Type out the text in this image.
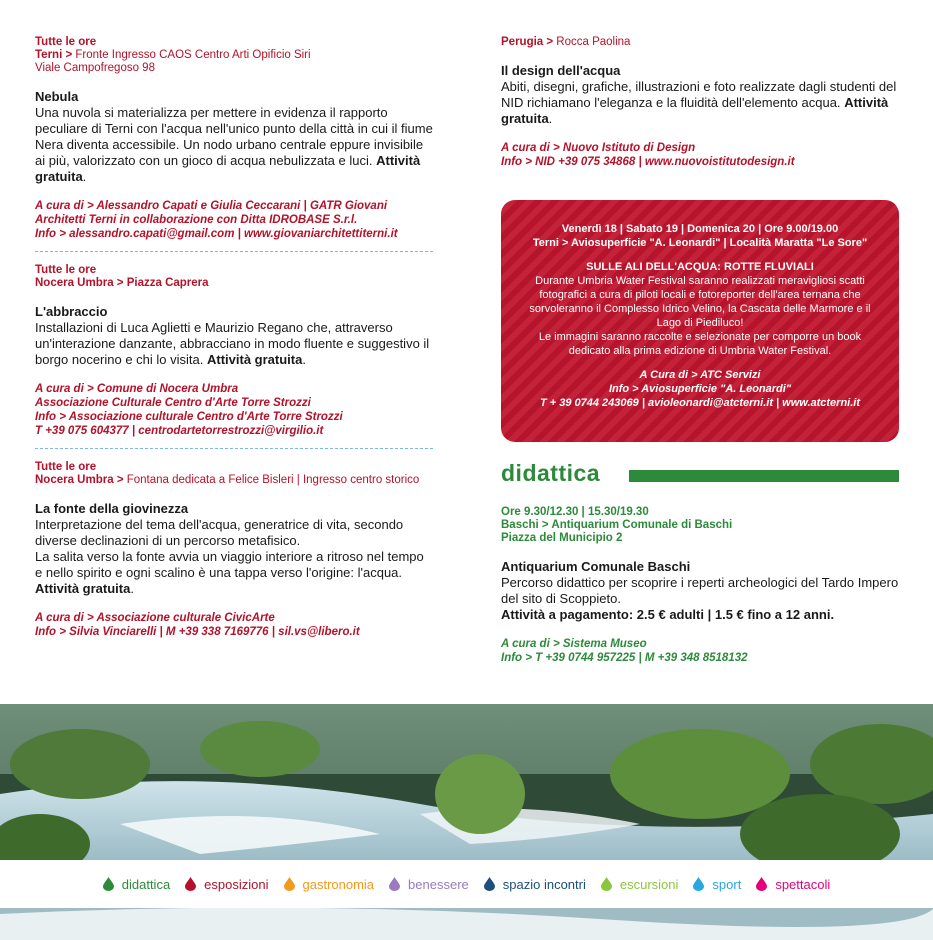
Tutte le ore
Terni > Fronte Ingresso CAOS Centro Arti Opificio Siri
Viale Campofregoso 98
Nebula
Una nuvola si materializza per mettere in evidenza il rapporto peculiare di Terni con l'acqua nell'unico punto della città in cui il fiume Nera diventa accessibile. Un nodo urbano centrale eppure invisibile ai più, valorizzato con un gioco di acqua nebulizzata e luci. Attività gratuita.
A cura di > Alessandro Capati e Giulia Ceccarani | GATR Giovani Architetti Terni in collaborazione con Ditta IDROBASE S.r.l.
Info > alessandro.capati@gmail.com | www.giovaniarchitettiterni.it
Tutte le ore
Nocera Umbra > Piazza Caprera
L'abbraccio
Installazioni di Luca Aglietti e Maurizio Regano che, attraverso un'interazione danzante, abbracciano in modo fluente e suggestivo il borgo nocerino e chi lo visita. Attività gratuita.
A cura di > Comune di Nocera Umbra
Associazione Culturale Centro d'Arte Torre Strozzi
Info > Associazione culturale Centro d'Arte Torre Strozzi
T +39 075 604377 | centrodartetorrestrozzi@virgilio.it
Tutte le ore
Nocera Umbra > Fontana dedicata a Felice Bisleri | Ingresso centro storico
La fonte della giovinezza
Interpretazione del tema dell'acqua, generatrice di vita, secondo diverse declinazioni di un percorso metafisico.
La salita verso la fonte avvia un viaggio interiore a ritroso nel tempo e nello spirito e ogni scalino è una tappa verso l'origine: l'acqua. Attività gratuita.
A cura di > Associazione culturale CivicArte
Info > Silvia Vinciarelli | M +39 338 7169776 | sil.vs@libero.it
Perugia > Rocca Paolina
Il design dell'acqua
Abiti, disegni, grafiche, illustrazioni e foto realizzate dagli studenti del NID richiamano l'eleganza e la fluidità dell'elemento acqua. Attività gratuita.
A cura di > Nuovo Istituto di Design
Info > NID +39 075 34868 | www.nuovoistitutodesign.it
Venerdì 18 | Sabato 19 | Domenica 20 | Ore 9.00/19.00
Terni > Aviosuperficie "A. Leonardi" | Località Maratta "Le Sore"
SULLE ALI DELL'ACQUA: ROTTE FLUVIALI
Durante Umbria Water Festival saranno realizzati meravigliosi scatti fotografici a cura di piloti locali e fotoreporter dell'area ternana che sorvoleranno il Complesso Idrico Velino, la Cascata delle Marmore e il Lago di Piediluco!
Le immagini saranno raccolte e selezionate per comporre un book dedicato alla prima edizione di Umbria Water Festival.
A Cura di > ATC Servizi
Info > Aviosuperficie "A. Leonardi"
T + 39 0744 243069 | avioleonardi@atcterni.it | www.atcterni.it
didattica
Ore 9.30/12.30 | 15.30/19.30
Baschi > Antiquarium Comunale di Baschi
Piazza del Municipio 2
Antiquarium Comunale Baschi
Percorso didattico per scoprire i reperti archeologici del Tardo Impero del sito di Scoppieto.
Attività a pagamento: 2.5 € adulti | 1.5 € fino a 12 anni.
A cura di > Sistema Museo
Info > T +39 0744 957225 | M +39 348 8518132
didattica	esposizioni	gastronomia	benessere	spazio incontri	escursioni	sport	spettacoli
